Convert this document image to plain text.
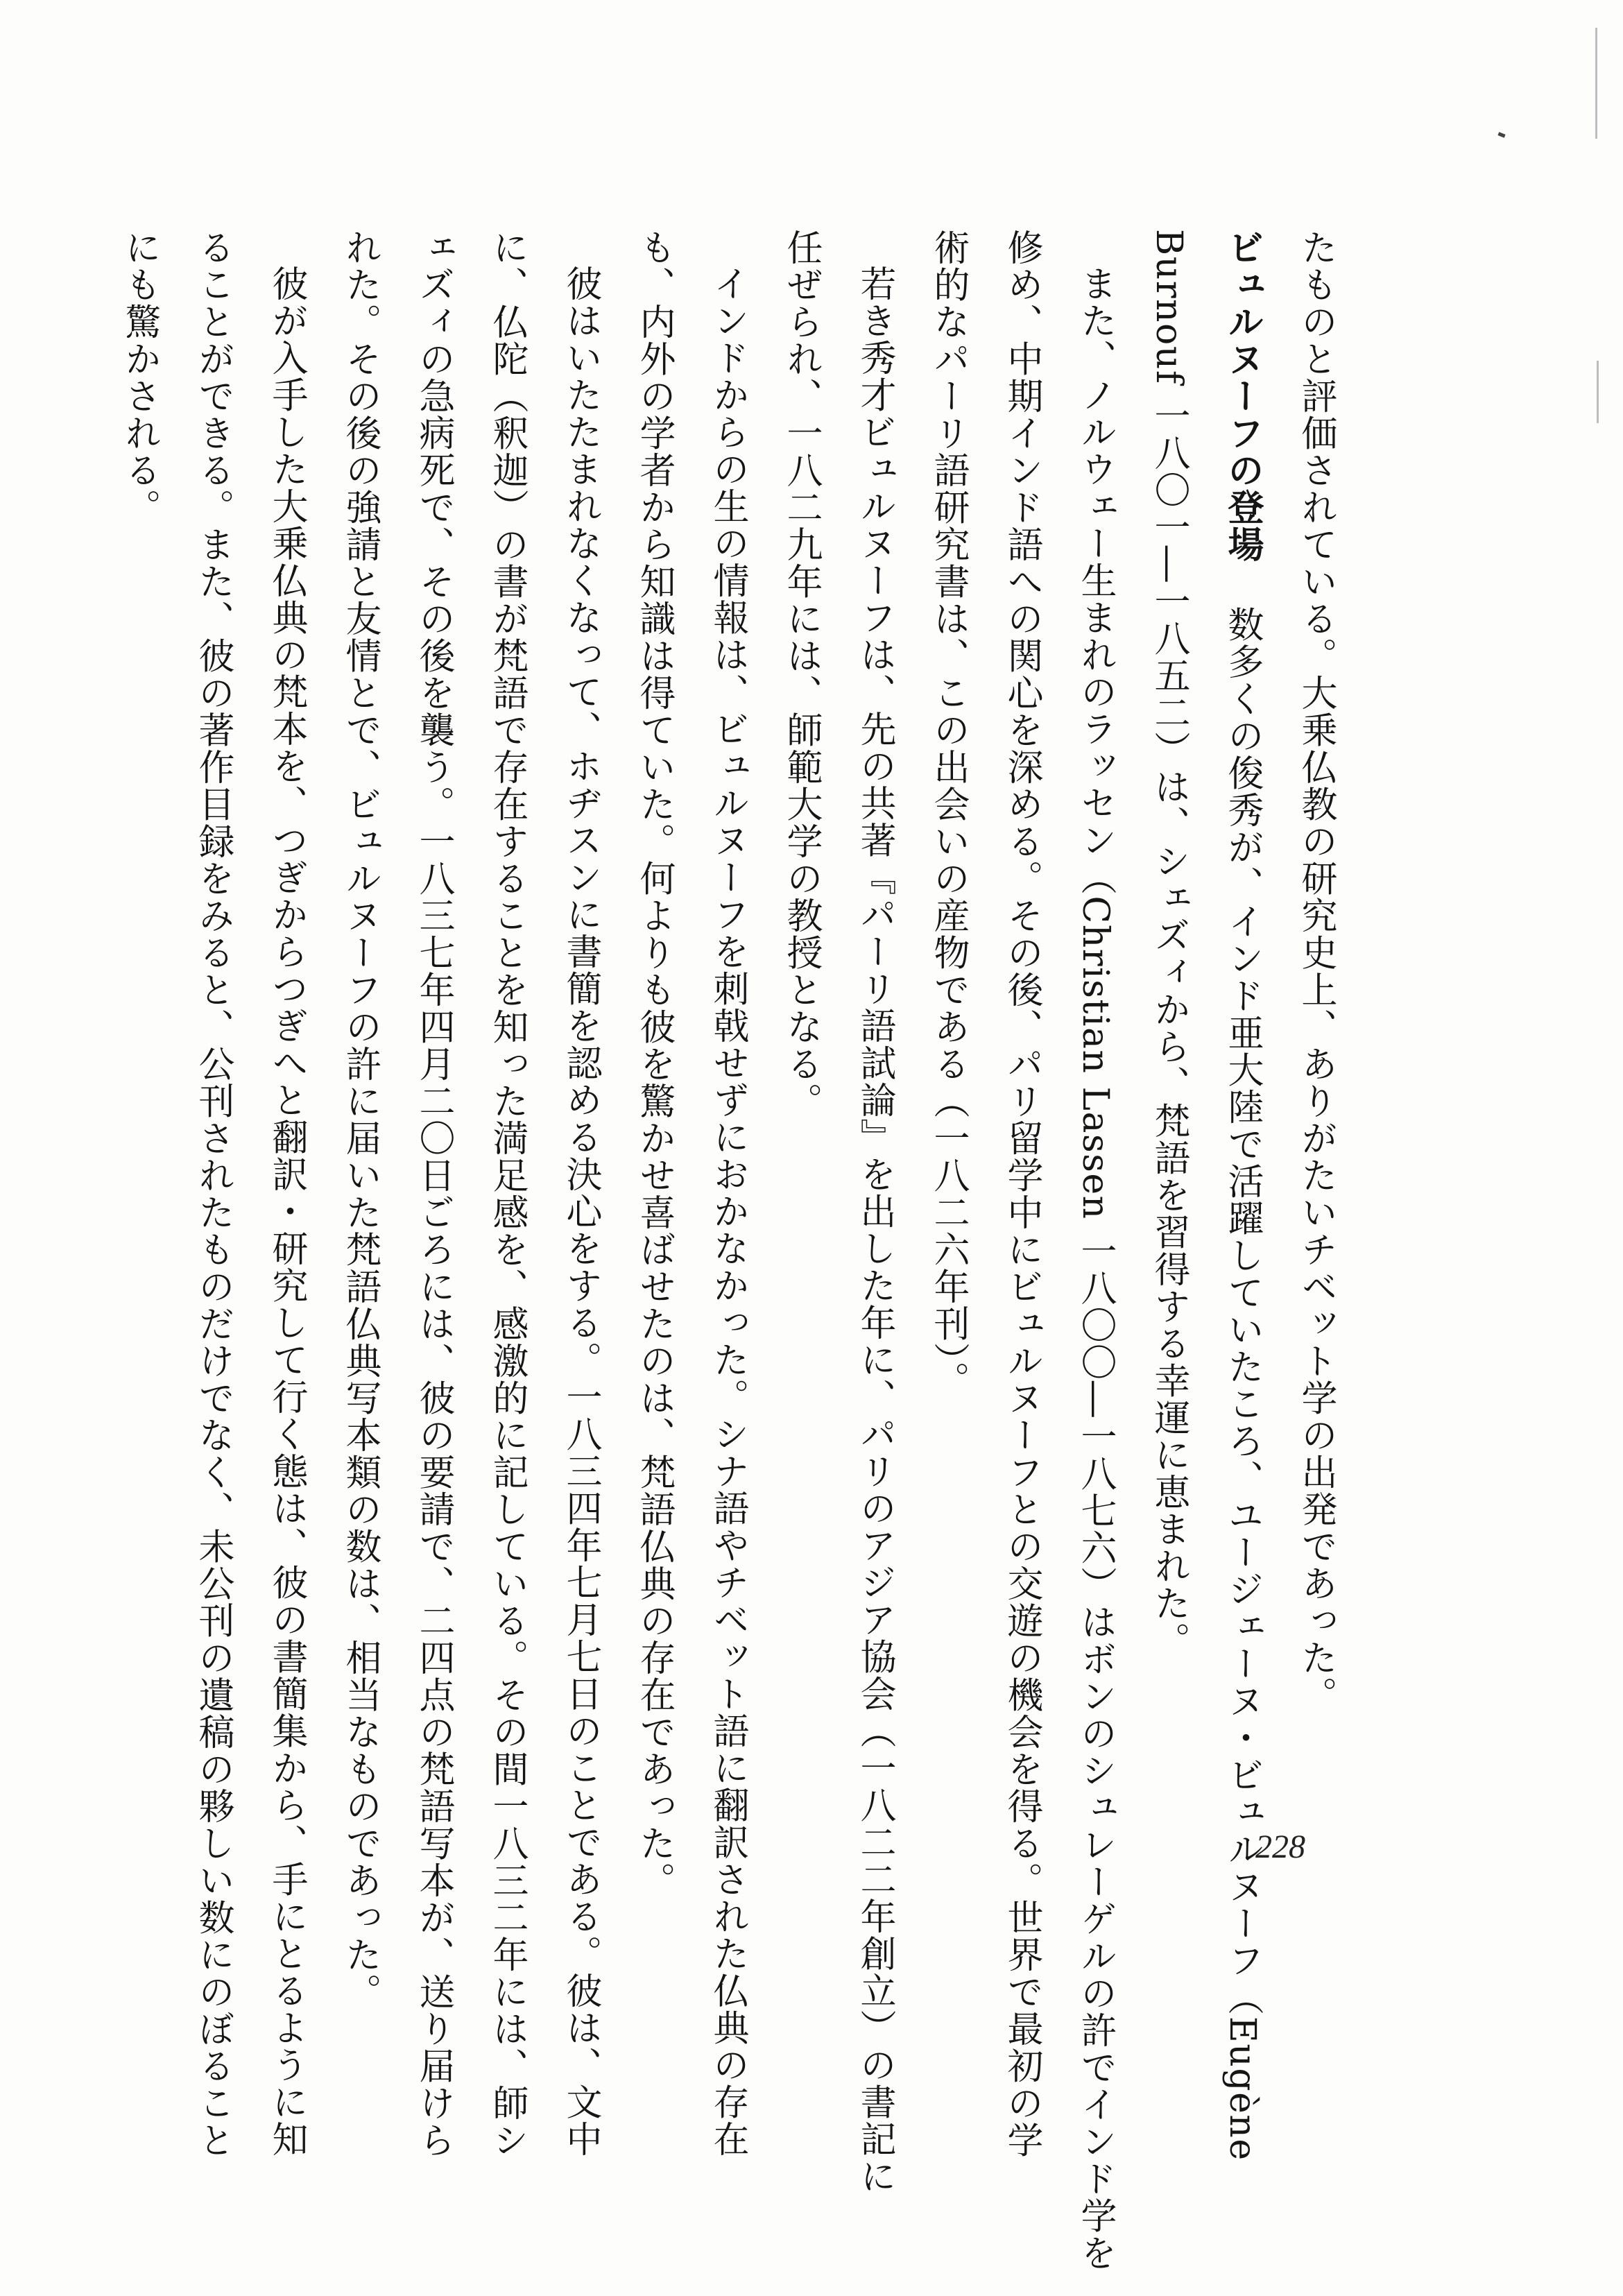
たものと評価されている。大乗仏教の研究史上、ありがたいチベット学の出発であった。

ビュルヌーフの登場数多くの俊秀が、インド亜大陸で活躍していたころ、ユージェーヌ・ビュルヌーフ（Eugène

Burnouf 一八〇一―一八五二）は、シェズィから、梵語を習得する幸運に恵まれた。

また、ノルウェー生まれのラッセン（Christian Lassen 一八〇〇―一八七六）はボンのシュレーゲルの許でインド学を

修め、中期インド語への関心を深める。その後、パリ留学中にビュルヌーフとの交遊の機会を得る。世界で最初の学

術的なパーリ語研究書は、この出会いの産物である（一八二六年刊）。

若き秀才ビュルヌーフは、先の共著『パーリ語試論』を出した年に、パリのアジア協会（一八二二年創立）の書記に

任ぜられ、一八二九年には、師範大学の教授となる。

インドからの生の情報は、ビュルヌーフを刺戟せずにおかなかった。シナ語やチベット語に翻訳された仏典の存在

も、内外の学者から知識は得ていた。何よりも彼を驚かせ喜ばせたのは、梵語仏典の存在であった。

彼はいたたまれなくなって、ホヂスンに書簡を認める決心をする。一八三四年七月七日のことである。彼は、文中

に、仏陀（釈迦）の書が梵語で存在することを知った満足感を、感激的に記している。その間一八三二年には、師シ

ェズィの急病死で、その後を襲う。一八三七年四月二〇日ごろには、彼の要請で、二四点の梵語写本が、送り届けら

れた。その後の強請と友情とで、ビュルヌーフの許に届いた梵語仏典写本類の数は、相当なものであった。

彼が入手した大乗仏典の梵本を、つぎからつぎへと翻訳・研究して行く態は、彼の書簡集から、手にとるように知

ることができる。また、彼の著作目録をみると、公刊されたものだけでなく、未公刊の遺稿の夥しい数にのぼること

にも驚かされる。

228
